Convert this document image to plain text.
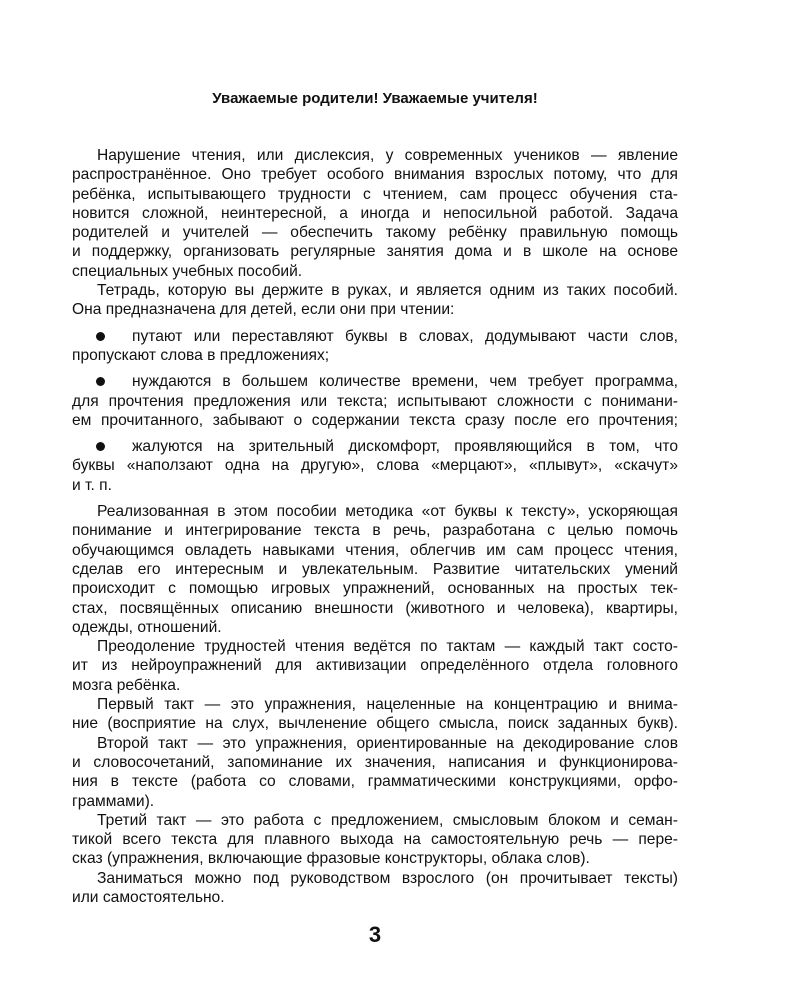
Уважаемые родители! Уважаемые учителя!
Нарушение чтения, или дислексия, у современных учеников — явление
распространённое. Оно требует особого внимания взрослых потому, что для
ребёнка, испытывающего трудности с чтением, сам процесс обучения ста-
новится сложной, неинтересной, а иногда и непосильной работой. Задача
родителей и учителей — обеспечить такому ребёнку правильную помощь
и поддержку, организовать регулярные занятия дома и в школе на основе
специальных учебных пособий.
Тетрадь, которую вы держите в руках, и является одним из таких пособий.
Она предназначена для детей, если они при чтении:
путают или переставляют буквы в словах, додумывают части слов,
пропускают слова в предложениях;
нуждаются в большем количестве времени, чем требует программа,
для прочтения предложения или текста; испытывают сложности с понимани-
ем прочитанного, забывают о содержании текста сразу после его прочтения;
жалуются на зрительный дискомфорт, проявляющийся в том, что
буквы «наползают одна на другую», слова «мерцают», «плывут», «скачут»
и т. п.
Реализованная в этом пособии методика «от буквы к тексту», ускоряющая
понимание и интегрирование текста в речь, разработана с целью помочь
обучающимся овладеть навыками чтения, облегчив им сам процесс чтения,
сделав его интересным и увлекательным. Развитие читательских умений
происходит с помощью игровых упражнений, основанных на простых тек-
стах, посвящённых описанию внешности (животного и человека), квартиры,
одежды, отношений.
Преодоление трудностей чтения ведётся по тактам — каждый такт состо-
ит из нейроупражнений для активизации определённого отдела головного
мозга ребёнка.
Первый такт — это упражнения, нацеленные на концентрацию и внима-
ние (восприятие на слух, вычленение общего смысла, поиск заданных букв).
Второй такт — это упражнения, ориентированные на декодирование слов
и словосочетаний, запоминание их значения, написания и функционирова-
ния в тексте (работа со словами, грамматическими конструкциями, орфо-
граммами).
Третий такт — это работа с предложением, смысловым блоком и семан-
тикой всего текста для плавного выхода на самостоятельную речь — пере-
сказ (упражнения, включающие фразовые конструкторы, облака слов).
Заниматься можно под руководством взрослого (он прочитывает тексты)
или самостоятельно.
3
